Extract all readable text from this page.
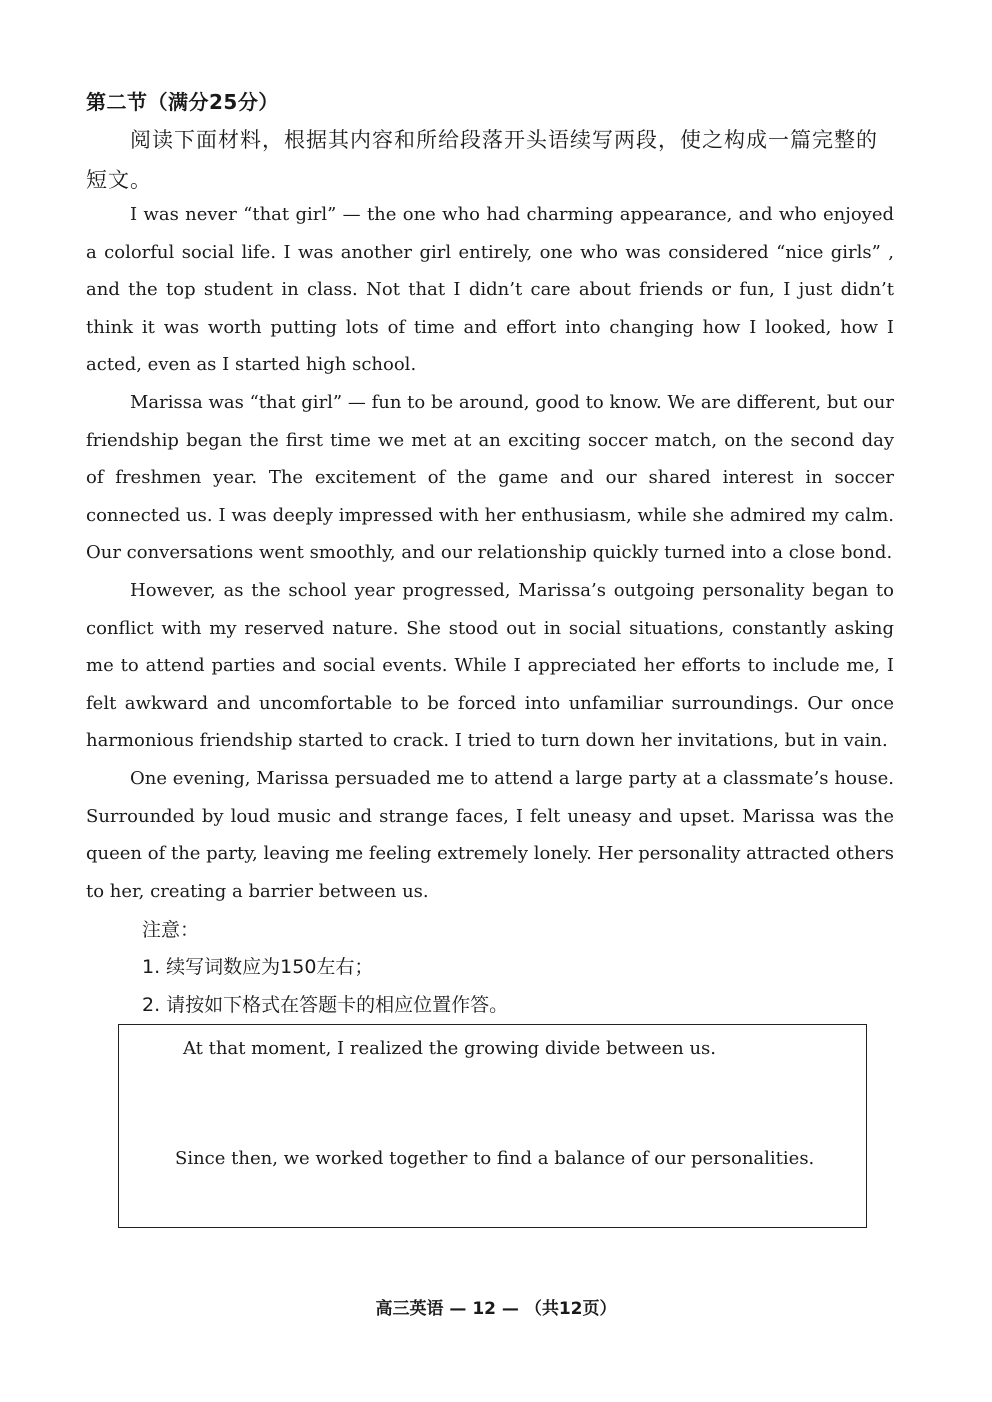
第二节（满分25分）
阅读下面材料，根据其内容和所给段落开头语续写两段，使之构成一篇完整的短文。

I was never “that girl” — the one who had charming appearance, and who enjoyed a colorful social life. I was another girl entirely, one who was considered “nice girls” , and the top student in class. Not that I didn’t care about friends or fun, I just didn’t think it was worth putting lots of time and effort into changing how I looked, how I acted, even as I started high school.

Marissa was “that girl” — fun to be around, good to know. We are different, but our friendship began the first time we met at an exciting soccer match, on the second day of freshmen year. The excitement of the game and our shared interest in soccer connected us. I was deeply impressed with her enthusiasm, while she admired my calm. Our conversations went smoothly, and our relationship quickly turned into a close bond.

However, as the school year progressed, Marissa’s outgoing personality began to conflict with my reserved nature. She stood out in social situations, constantly asking me to attend parties and social events. While I appreciated her efforts to include me, I felt awkward and uncomfortable to be forced into unfamiliar surroundings. Our once harmonious friendship started to crack. I tried to turn down her invitations, but in vain.

One evening, Marissa persuaded me to attend a large party at a classmate’s house. Surrounded by loud music and strange faces, I felt uneasy and upset. Marissa was the queen of the party, leaving me feeling extremely lonely. Her personality attracted others to her, creating a barrier between us.

注意：
1. 续写词数应为150左右；
2. 请按如下格式在答题卡的相应位置作答。
At that moment, I realized the growing divide between us.
Since then, we worked together to find a balance of our personalities.
高三英语 — 12 — （共12页）
